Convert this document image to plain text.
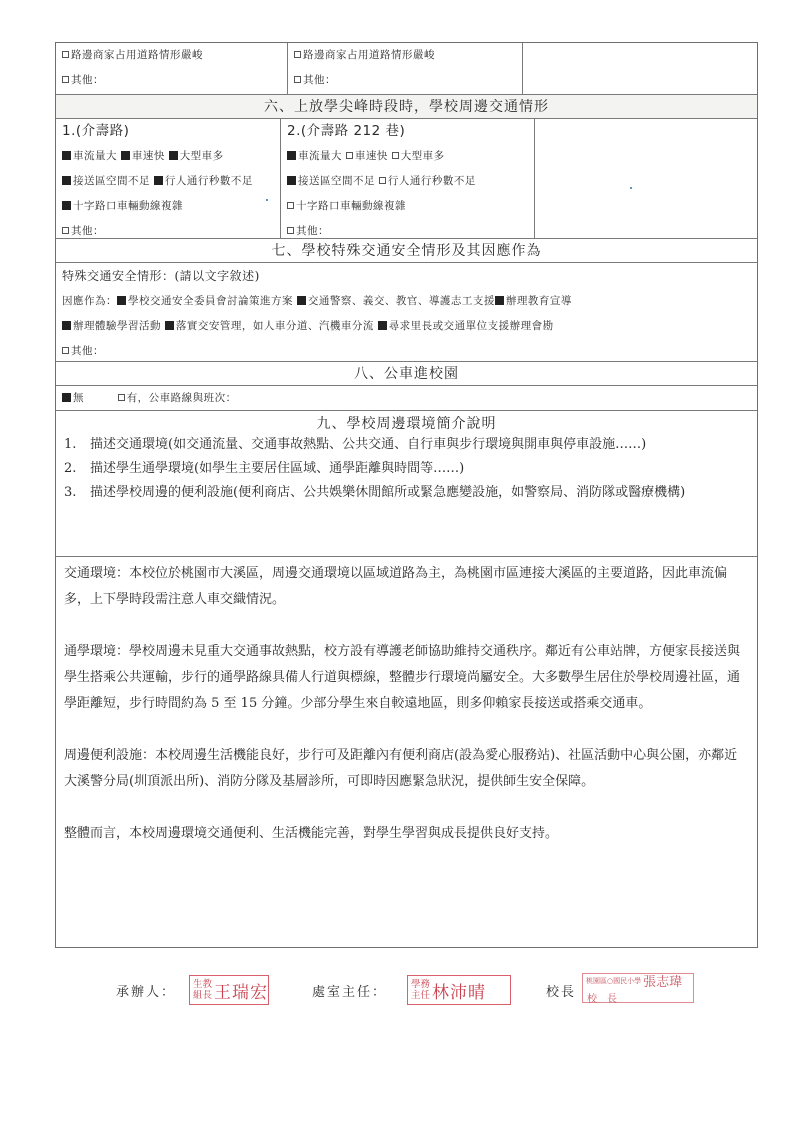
路邊商家占用道路情形嚴峻
其他：
路邊商家占用道路情形嚴峻
其他：
六、上放學尖峰時段時，學校周邊交通情形
1.(介壽路)
車流量大 車速快 大型車多
接送區空間不足 行人通行秒數不足
十字路口車輛動線複雜
其他：
2.(介壽路 212 巷)
車流量大 車速快 大型車多
接送區空間不足 行人通行秒數不足
十字路口車輛動線複雜
其他：
七、學校特殊交通安全情形及其因應作為
特殊交通安全情形：(請以文字敘述)
因應作為： 學校交通安全委員會討論策進方案 交通警察、義交、教官、導護志工支援 辦理教育宣導
辦理體驗學習活動 落實交安管理，如人車分道、汽機車分流 尋求里長或交通單位支援辦理會勘
其他：
八、公車進校園
無	有，公車路線與班次：
九、學校周邊環境簡介說明
1.	描述交通環境(如交通流量、交通事故熱點、公共交通、自行車與步行環境與開車與停車設施……)
2.	描述學生通學環境(如學生主要居住區域、通學距離與時間等……)
3.	描述學校周邊的便利設施(便利商店、公共娛樂休閒館所或緊急應變設施，如警察局、消防隊或醫療機構)

交通環境：本校位於桃園市大溪區，周邊交通環境以區域道路為主，為桃園市區連接大溪區的主要道路，因此車流偏多，上下學時段需注意人車交織情況。

通學環境：學校周邊未見重大交通事故熱點，校方設有導護老師協助維持交通秩序。鄰近有公車站牌，方便家長接送與學生搭乘公共運輸，步行的通學路線具備人行道與標線，整體步行環境尚屬安全。大多數學生居住於學校周邊社區，通學距離短，步行時間約為 5 至 15 分鐘。少部分學生來自較遠地區，則多仰賴家長接送或搭乘交通車。

周邊便利設施：本校周邊生活機能良好，步行可及距離內有便利商店(設為愛心服務站)、社區活動中心與公園，亦鄰近大溪警分局(圳頂派出所)、消防分隊及基層診所，可即時因應緊急狀況，提供師生安全保障。

整體而言，本校周邊環境交通便利、生活機能完善，對學生學習與成長提供良好支持。

承辦人：
生教
組長 王瑞宏	處室主任：
學務
主任 林沛晴	校長
桃園區○國民小學 張志瑋
校　長
